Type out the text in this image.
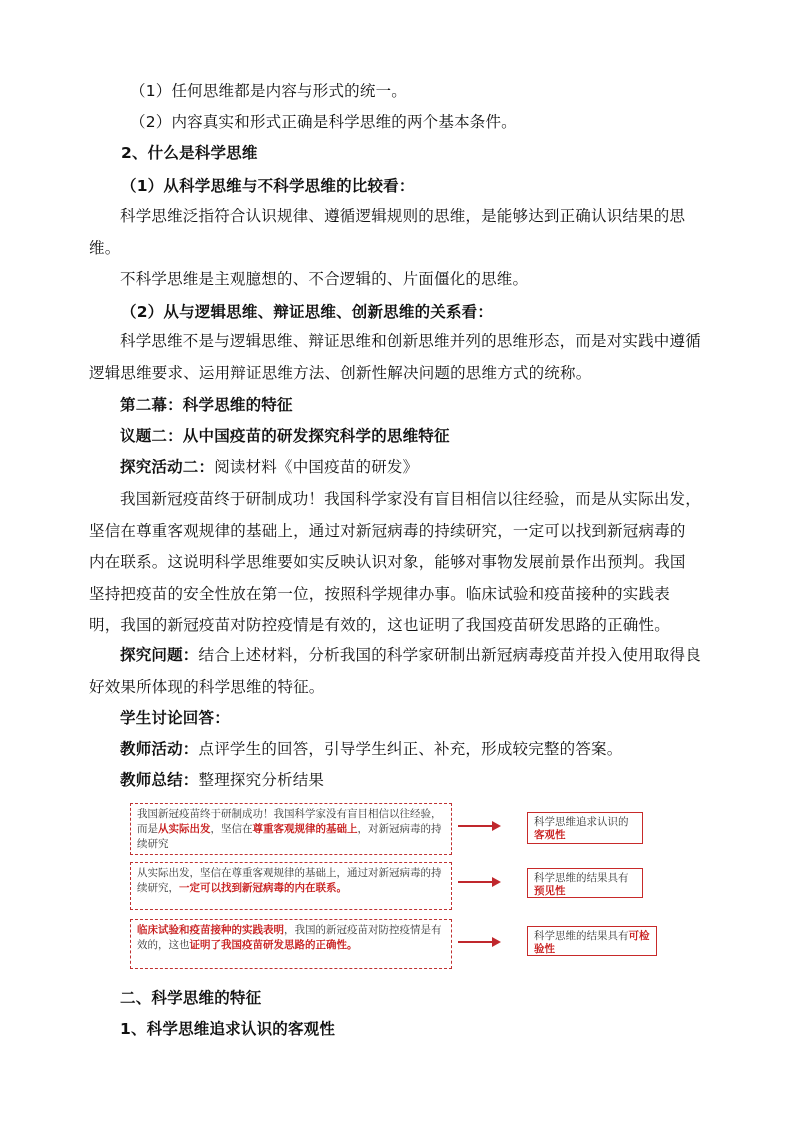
（1）任何思维都是内容与形式的统一。
（2）内容真实和形式正确是科学思维的两个基本条件。
2、什么是科学思维
（1）从科学思维与不科学思维的比较看：
科学思维泛指符合认识规律、遵循逻辑规则的思维，是能够达到正确认识结果的思维。
不科学思维是主观臆想的、不合逻辑的、片面僵化的思维。
（2）从与逻辑思维、辩证思维、创新思维的关系看：
科学思维不是与逻辑思维、辩证思维和创新思维并列的思维形态，而是对实践中遵循逻辑思维要求、运用辩证思维方法、创新性解决问题的思维方式的统称。
第二幕：科学思维的特征
议题二：从中国疫苗的研发探究科学的思维特征
探究活动二：阅读材料《中国疫苗的研发》
我国新冠疫苗终于研制成功！我国科学家没有盲目相信以往经验，而是从实际出发，坚信在尊重客观规律的基础上，通过对新冠病毒的持续研究，一定可以找到新冠病毒的内在联系。这说明科学思维要如实反映认识对象，能够对事物发展前景作出预判。我国坚持把疫苗的安全性放在第一位，按照科学规律办事。临床试验和疫苗接种的实践表明，我国的新冠疫苗对防控疫情是有效的，这也证明了我国疫苗研发思路的正确性。
探究问题：结合上述材料，分析我国的科学家研制出新冠病毒疫苗并投入使用取得良好效果所体现的科学思维的特征。
学生讨论回答：
教师活动：点评学生的回答，引导学生纠正、补充，形成较完整的答案。
教师总结：整理探究分析结果
我国新冠疫苗终于研制成功！我国科学家没有盲目相信以往经验，而是从实际出发，坚信在尊重客观规律的基础上，对新冠病毒的持续研究
从实际出发，坚信在尊重客观规律的基础上，通过对新冠病毒的持续研究，一定可以找到新冠病毒的内在联系。
临床试验和疫苗接种的实践表明，我国的新冠疫苗对防控疫情是有效的，这也证明了我国疫苗研发思路的正确性。
科学思维追求认识的客观性
科学思维的结果具有预见性
科学思维的结果具有可检验性
二、科学思维的特征
1、科学思维追求认识的客观性
